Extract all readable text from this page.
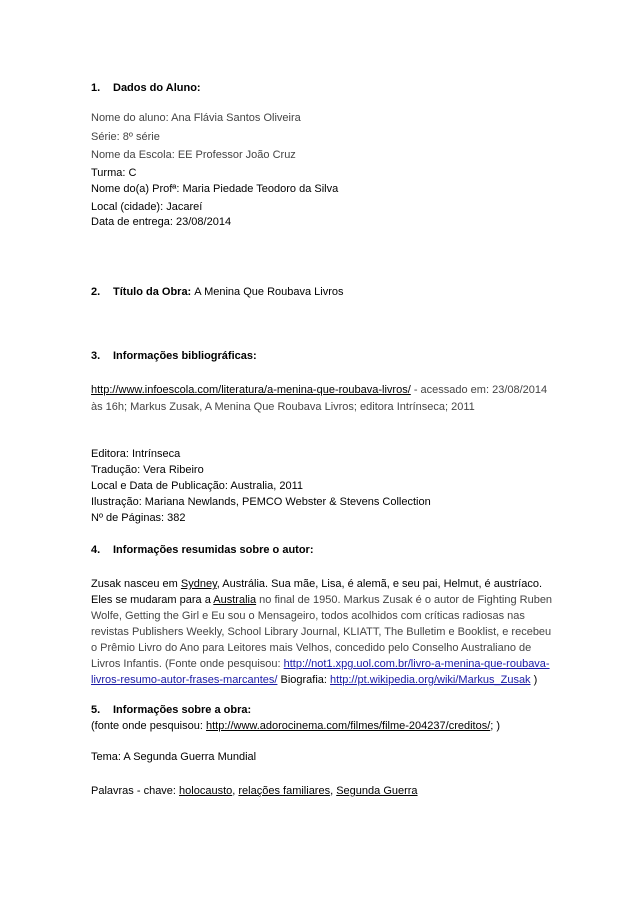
1. Dados do Aluno:
Nome do aluno: Ana Flávia Santos Oliveira
Série: 8º série
Nome da Escola: EE Professor João Cruz
Turma: C
Nome do(a) Profª: Maria Piedade Teodoro da Silva
Local (cidade): Jacareí
Data de entrega: 23/08/2014
2. Título da Obra: A Menina Que Roubava Livros
3. Informações bibliográficas:
http://www.infoescola.com/literatura/a-menina-que-roubava-livros/ - acessado em: 23/08/2014
às 16h; Markus Zusak, A Menina Que Roubava Livros; editora Intrínseca; 2011
Editora: Intrínseca
Tradução: Vera Ribeiro
Local e Data de Publicação: Australia, 2011
Ilustração: Mariana Newlands, PEMCO Webster & Stevens Collection
Nº de Páginas: 382
4. Informações resumidas sobre o autor:
Zusak nasceu em Sydney, Austrália. Sua mãe, Lisa, é alemã, e seu pai, Helmut, é austríaco.
Eles se mudaram para a Australia no final de 1950. Markus Zusak é o autor de Fighting Ruben
Wolfe, Getting the Girl e Eu sou o Mensageiro, todos acolhidos com críticas radiosas nas
revistas Publishers Weekly, School Library Journal, KLIATT, The Bulletim e Booklist, e recebeu
o Prêmio Livro do Ano para Leitores mais Velhos, concedido pelo Conselho Australiano de
Livros Infantis. (Fonte onde pesquisou: http://not1.xpg.uol.com.br/livro-a-menina-que-roubava-
livros-resumo-autor-frases-marcantes/ Biografia: http://pt.wikipedia.org/wiki/Markus_Zusak )
5. Informações sobre a obra:
(fonte onde pesquisou: http://www.adorocinema.com/filmes/filme-204237/creditos/; )
Tema: A Segunda Guerra Mundial
Palavras - chave: holocausto, relações familiares, Segunda Guerra
